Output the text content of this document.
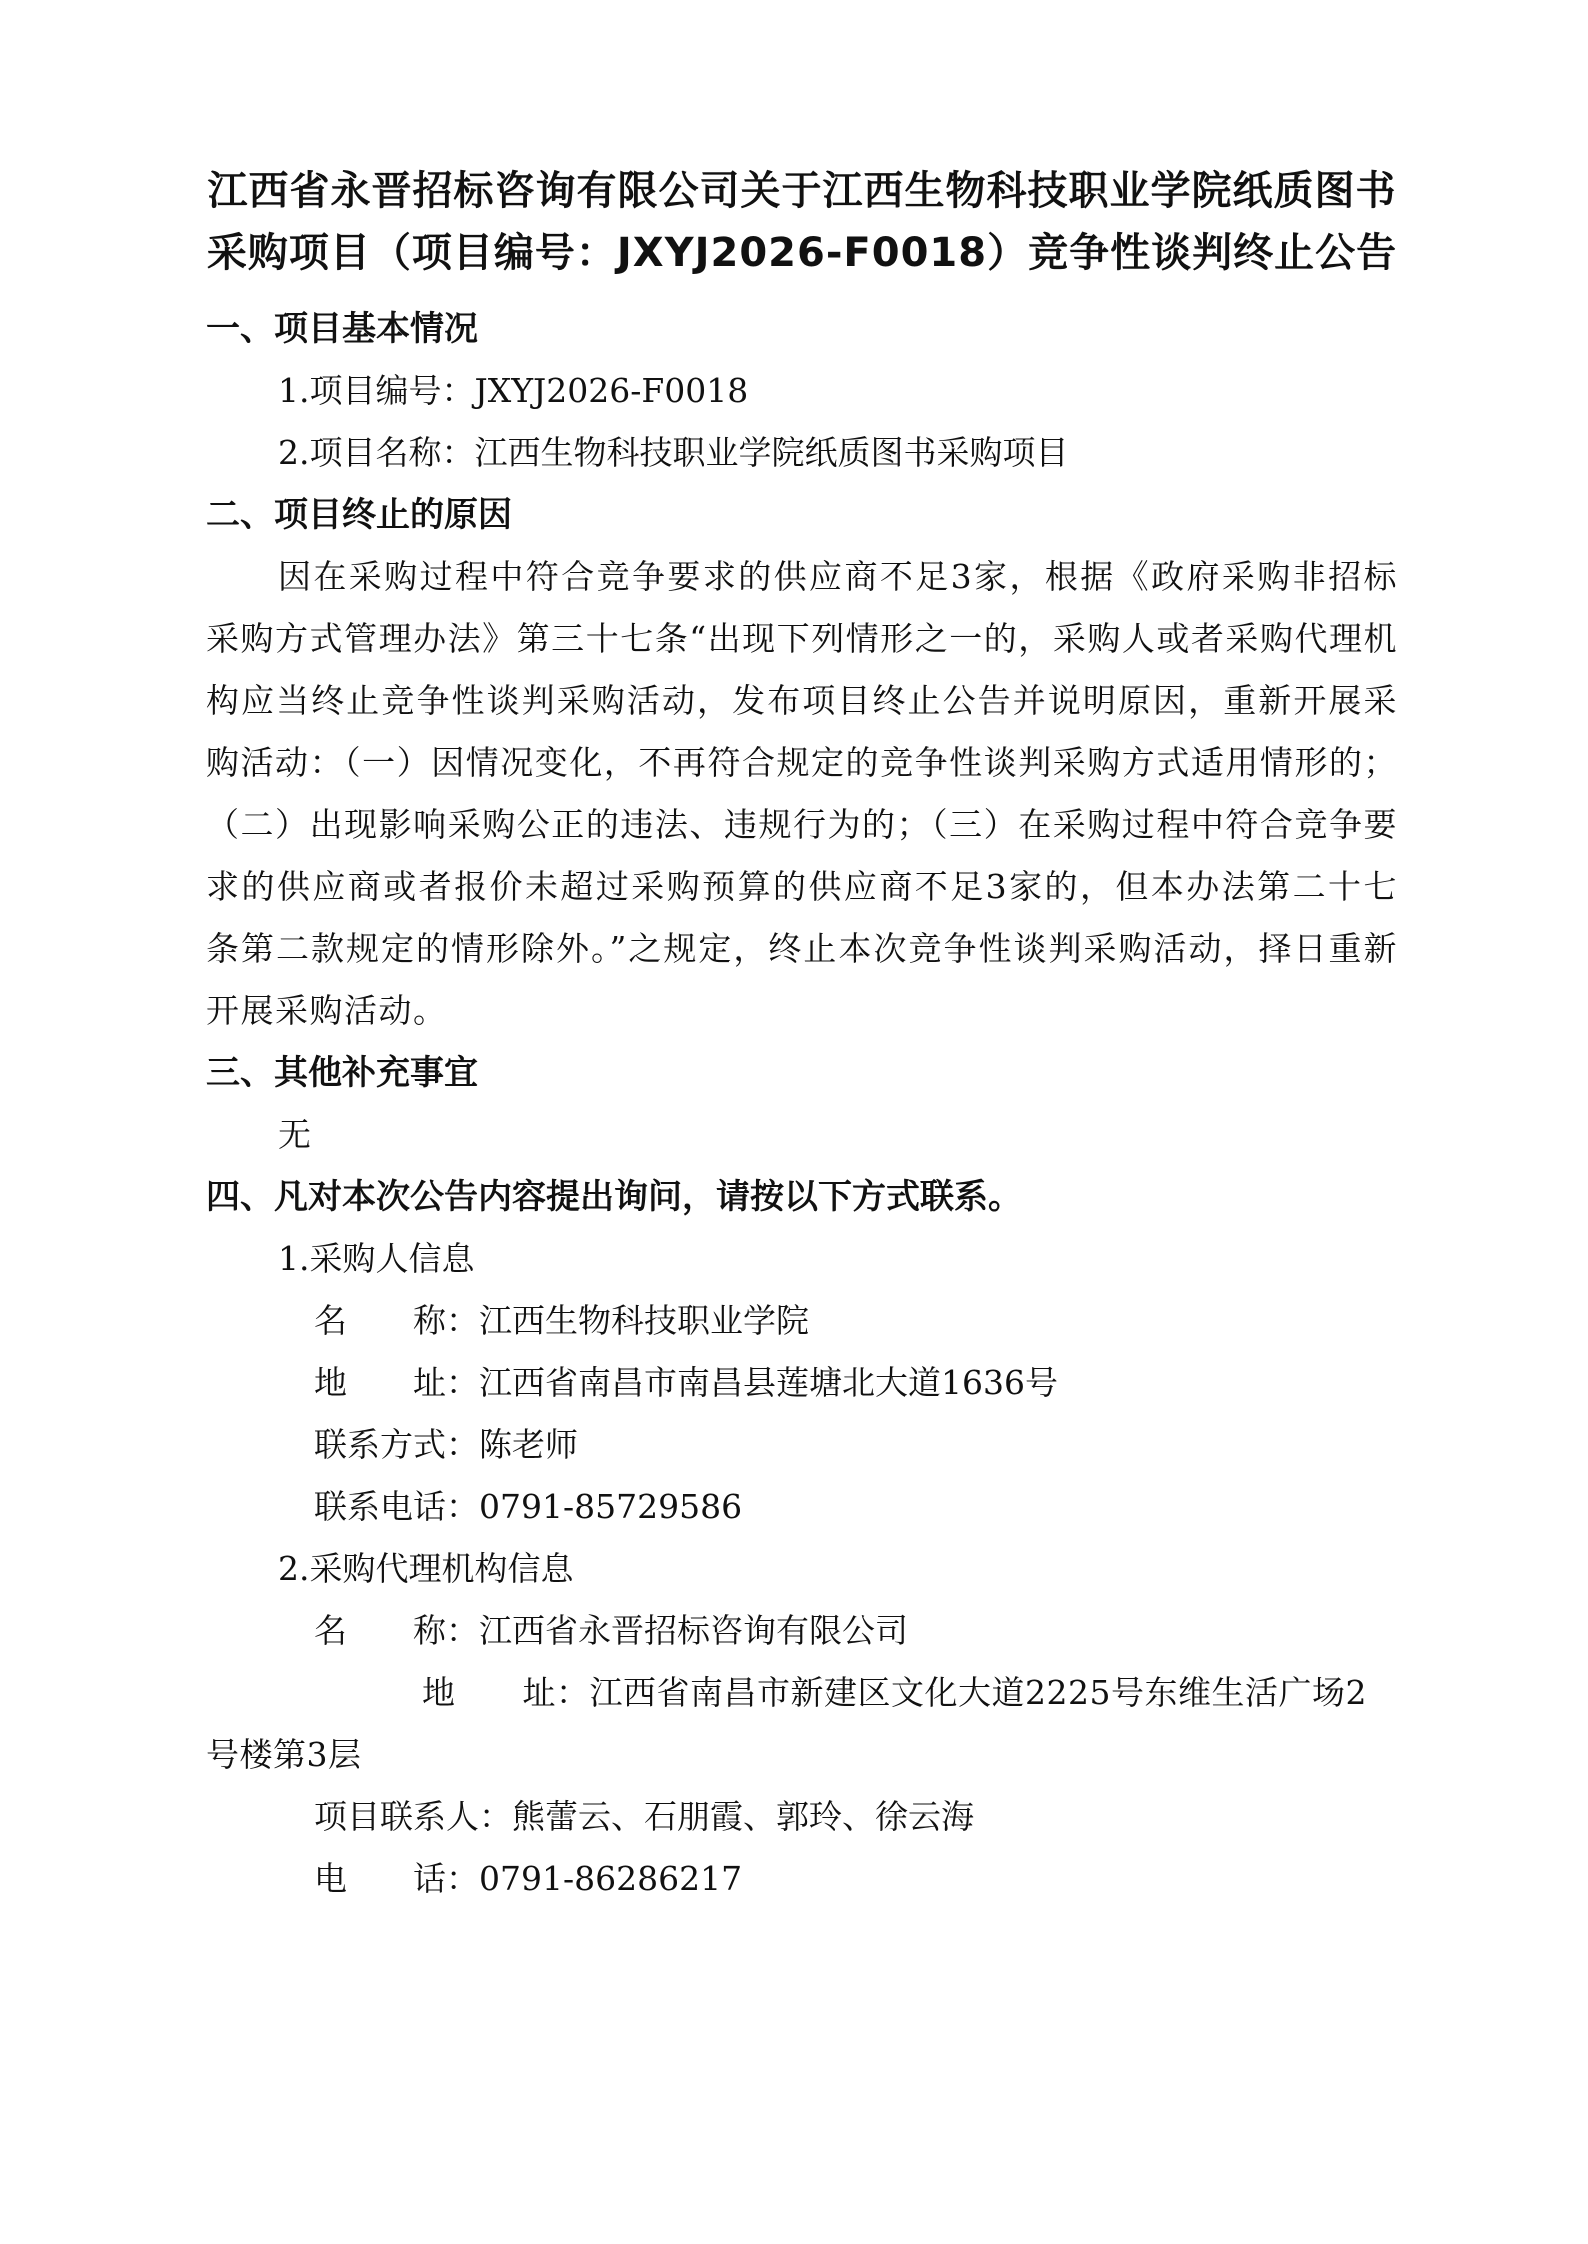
江西省永晋招标咨询有限公司关于江西生物科技职业学院纸质图书采购项目（项目编号：JXYJ2026-F0018）竞争性谈判终止公告
一、项目基本情况
1.项目编号：JXYJ2026-F0018
2.项目名称：江西生物科技职业学院纸质图书采购项目
二、项目终止的原因
因在采购过程中符合竞争要求的供应商不足3家，根据《政府采购非招标采购方式管理办法》第三十七条“出现下列情形之一的，采购人或者采购代理机构应当终止竞争性谈判采购活动，发布项目终止公告并说明原因，重新开展采购活动：（一）因情况变化，不再符合规定的竞争性谈判采购方式适用情形的；（二）出现影响采购公正的违法、违规行为的；（三）在采购过程中符合竞争要求的供应商或者报价未超过采购预算的供应商不足3家的，但本办法第二十七条第二款规定的情形除外。”之规定，终止本次竞争性谈判采购活动，择日重新开展采购活动。
三、其他补充事宜
无
四、凡对本次公告内容提出询问，请按以下方式联系。
1.采购人信息
名　　称：江西生物科技职业学院
地　　址：江西省南昌市南昌县莲塘北大道1636号
联系方式：陈老师
联系电话：0791-85729586
2.采购代理机构信息
名　　称：江西省永晋招标咨询有限公司
地　　址：江西省南昌市新建区文化大道2225号东维生活广场2号楼第3层
项目联系人：熊蕾云、石朋霞、郭玲、徐云海
电　　话：0791-86286217
